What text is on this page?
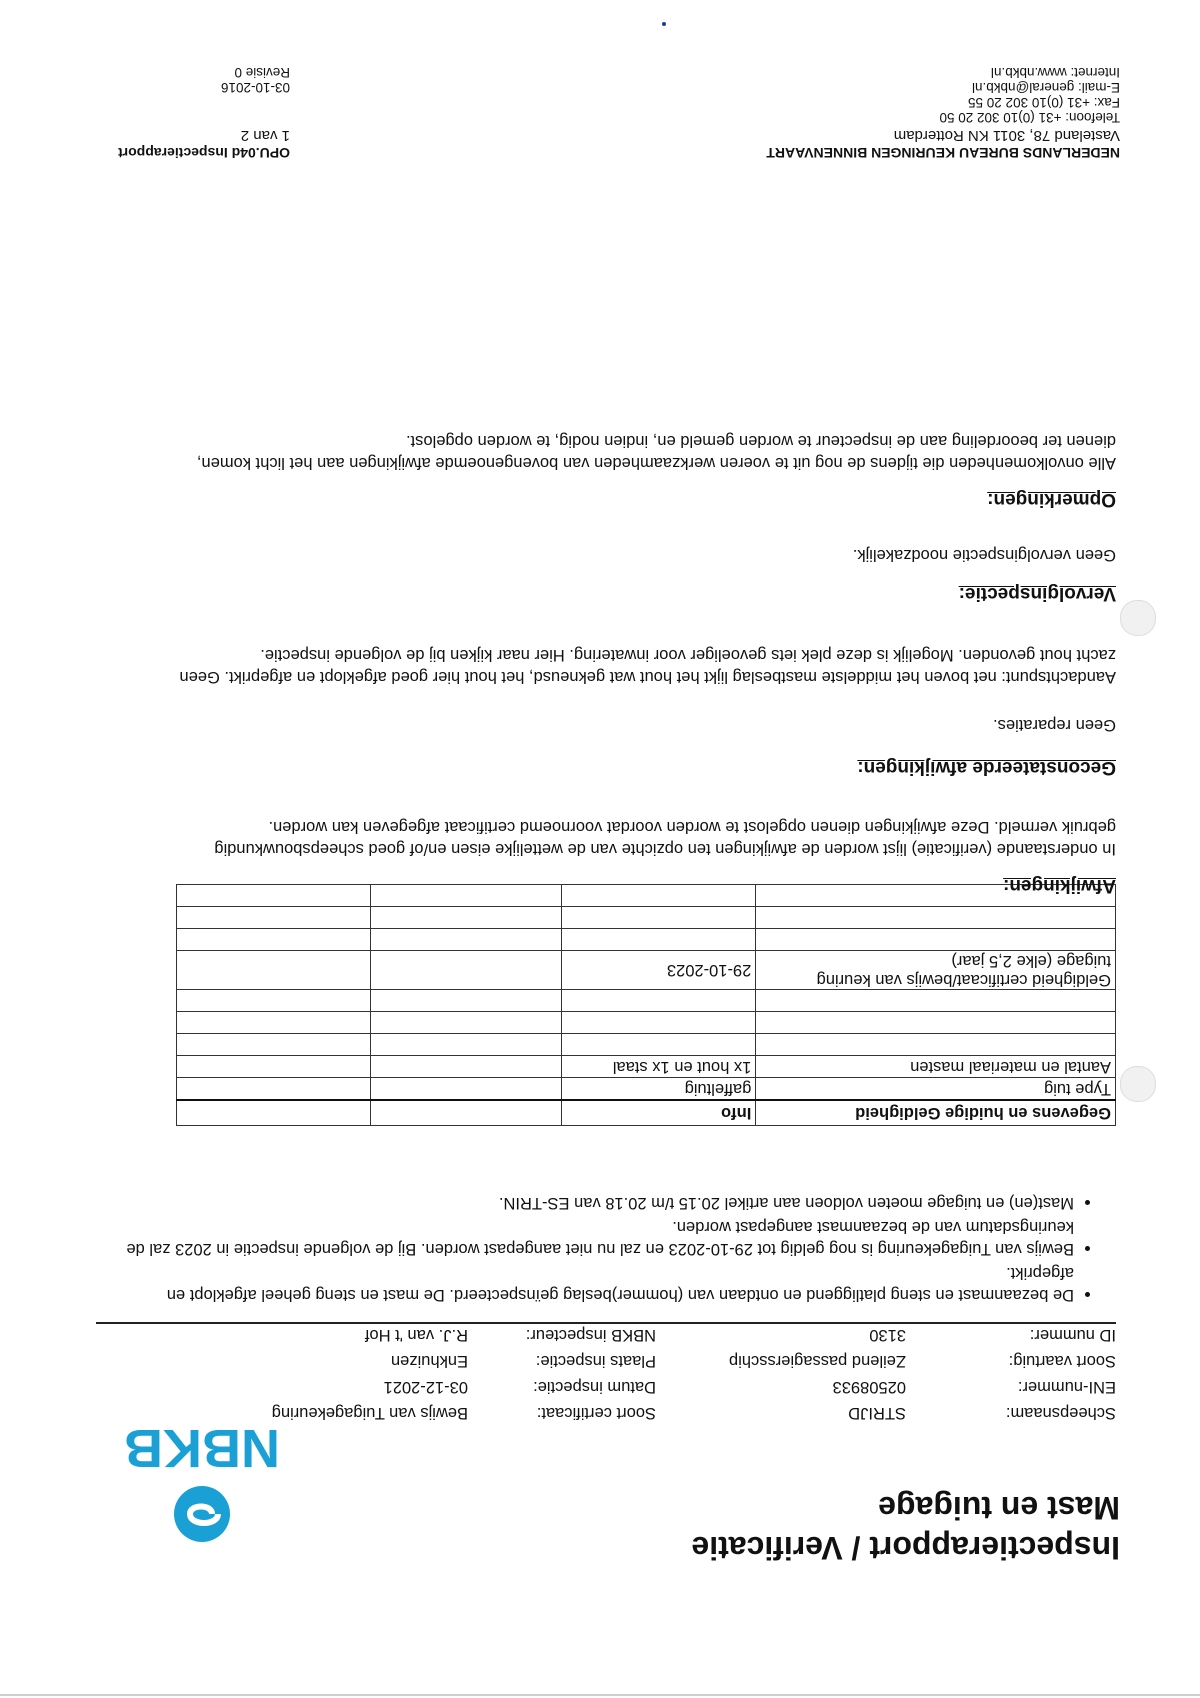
Inspectierapport / Verificatie
Mast en tuigage
NBKB
Scheepsnaam:
STRIJD
Soort certificaat:
Bewijs van Tuigagekeuring
ENI-nummer:
02508933
Datum inspectie:
03-12-2021
Soort vaartuig:
Zeilend passagiersschip
Plaats inspectie:
Enkhuizen
ID nummer:
3130
NBKB inspecteur:
R.J. van 't Hof
• De bezaanmast en steng platliggend en ontdaan van (hommer)beslag geïnspecteerd. De mast en steng geheel afgeklopt en afgeprikt.
• Bewijs van Tuigagekeuring is nog geldig tot 29-10-2023 en zal nu niet aangepast worden. Bij de volgende inspectie in 2023 zal de keuringsdatum van de bezaanmast aangepast worden.
• Mast(en) en tuigage moeten voldoen aan artikel 20.15 t/m 20.18 van ES-TRIN.
Gegevens en huidige Geldigheid	Info		
Type tuig	gaffeltuig		
Aantal en materiaal masten	1x hout en 1x staal		

Geldigheid certificaat/bewijs van keuring tuigage (elke 2,5 jaar)	29-10-2023		

Afwijkingen:
In onderstaande (verificatie) lijst worden de afwijkingen ten opzichte van de wettelijke eisen en/of goed scheepsbouwkundig gebruik vermeld. Deze afwijkingen dienen opgelost te worden voordat voornoemd certificaat afgegeven kan worden.
Geconstateerde afwijkingen:
Geen reparaties.
Aandachtspunt: net boven het middelste mastbeslag lijkt het hout wat gekneusd, het hout hier goed afgeklopt en afgeprikt. Geen zacht hout gevonden. Mogelijk is deze plek iets gevoeliger voor inwatering. Hier naar kijken bij de volgende inspectie.
Vervolginspectie:
Geen vervolginspectie noodzakelijk.
Opmerkingen:
Alle onvolkomenheden die tijdens de nog uit te voeren werkzaamheden van bovengenoemde afwijkingen aan het licht komen, dienen ter beoordeling aan de inspecteur te worden gemeld en, indien nodig, te worden opgelost.
NEDERLANDS BUREAU KEURINGEN BINNENVAART
Vasteland 78, 3011 KN Rotterdam
Telefoon: +31 (0)10 302 20 50
Fax: +31 (0)10 302 20 55
E-mail: general@nbkb.nl
Internet: www.nbkb.nl
OPU.04d Inspectierapport
1 van 2
03-10-2016
Revisie 0
